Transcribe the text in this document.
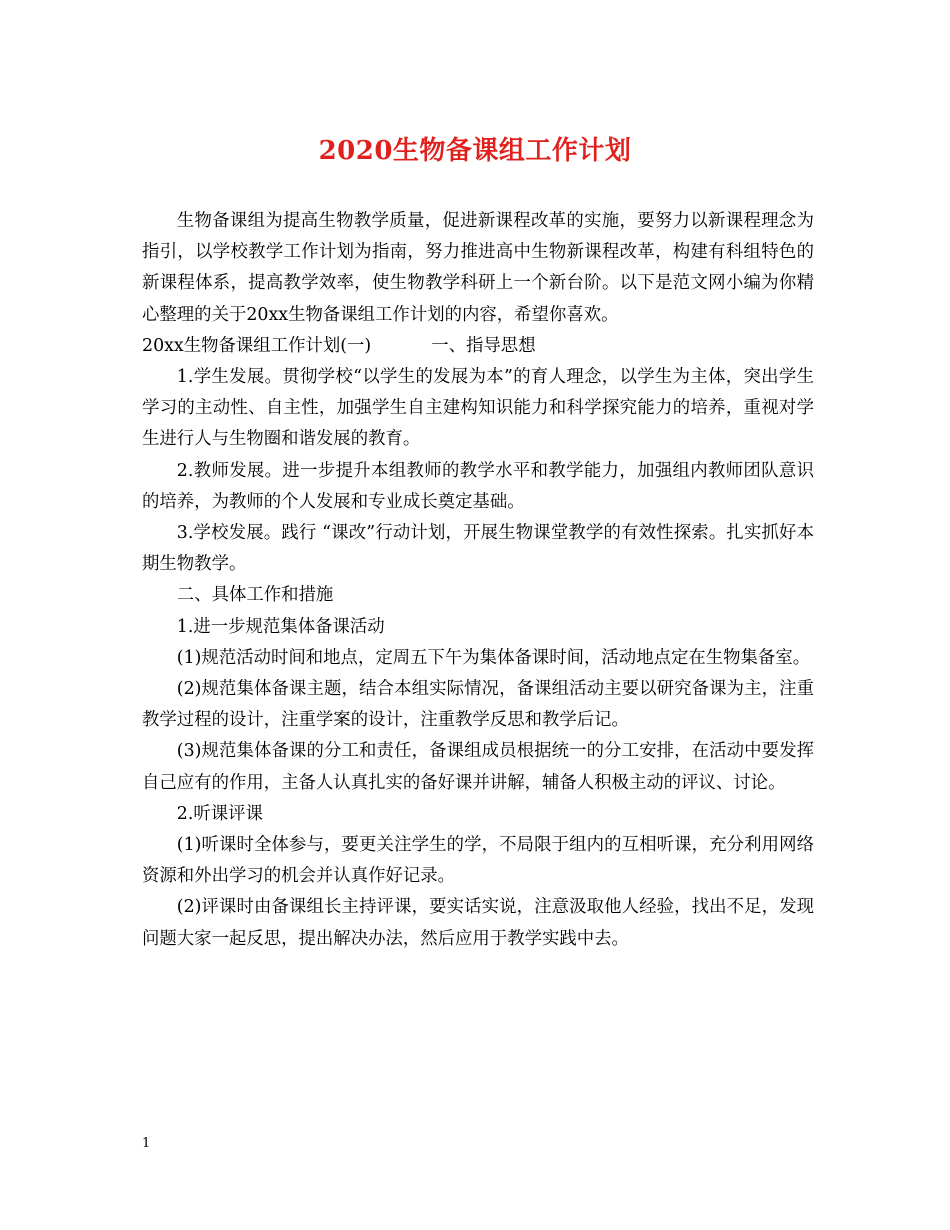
2020生物备课组工作计划

生物备课组为提高生物教学质量，促进新课程改革的实施，要努力以新课程理念为指引，以学校教学工作计划为指南，努力推进高中生物新课程改革，构建有科组特色的新课程体系，提高教学效率，使生物教学科研上一个新台阶。以下是范文网小编为你精心整理的关于20xx生物备课组工作计划的内容，希望你喜欢。

20xx生物备课组工作计划(一)	一、指导思想

1.学生发展。贯彻学校“以学生的发展为本”的育人理念，以学生为主体，突出学生学习的主动性、自主性，加强学生自主建构知识能力和科学探究能力的培养，重视对学生进行人与生物圈和谐发展的教育。

2.教师发展。进一步提升本组教师的教学水平和教学能力，加强组内教师团队意识的培养，为教师的个人发展和专业成长奠定基础。

3.学校发展。践行 “课改”行动计划，开展生物课堂教学的有效性探索。扎实抓好本期生物教学。

二、具体工作和措施

1.进一步规范集体备课活动

(1)规范活动时间和地点，定周五下午为集体备课时间，活动地点定在生物集备室。

(2)规范集体备课主题，结合本组实际情况，备课组活动主要以研究备课为主，注重教学过程的设计，注重学案的设计，注重教学反思和教学后记。

(3)规范集体备课的分工和责任，备课组成员根据统一的分工安排，在活动中要发挥自己应有的作用，主备人认真扎实的备好课并讲解，辅备人积极主动的评议、讨论。

2.听课评课

(1)听课时全体参与，要更关注学生的学，不局限于组内的互相听课，充分利用网络资源和外出学习的机会并认真作好记录。

(2)评课时由备课组长主持评课，要实话实说，注意汲取他人经验，找出不足，发现问题大家一起反思，提出解决办法，然后应用于教学实践中去。

1
